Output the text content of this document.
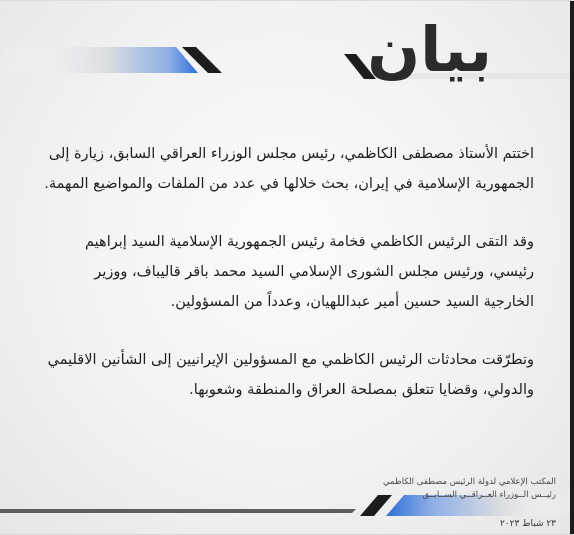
بيان

اختتم الأستاذ مصطفى الكاظمي، رئيس مجلس الوزراء العراقي السابق، زيارة إلى الجمهورية الإسلامية في إيران، بحث خلالها في عدد من الملفات والمواضيع المهمة.

وقد التقى الرئيس الكاظمي فخامة رئيس الجمهورية الإسلامية السيد إبراهيم رئيسي، ورئيس مجلس الشورى الإسلامي السيد محمد باقر قاليباف، ووزير الخارجية السيد حسين أمير عبداللهيان، وعدداً من المسؤولين.

وتطرّقت محادثات الرئيس الكاظمي مع المسؤولين الإيرانيين إلى الشأنين الاقليمي والدولي، وقضايا تتعلق بمصلحة العراق والمنطقة وشعوبها.

المكتب الإعلامي لدولة الرئيس مصطفى الكاظمي
رئيــس الــوزراء العــراقــي الســابــق
٢٣ شباط ٢٠٢٣
